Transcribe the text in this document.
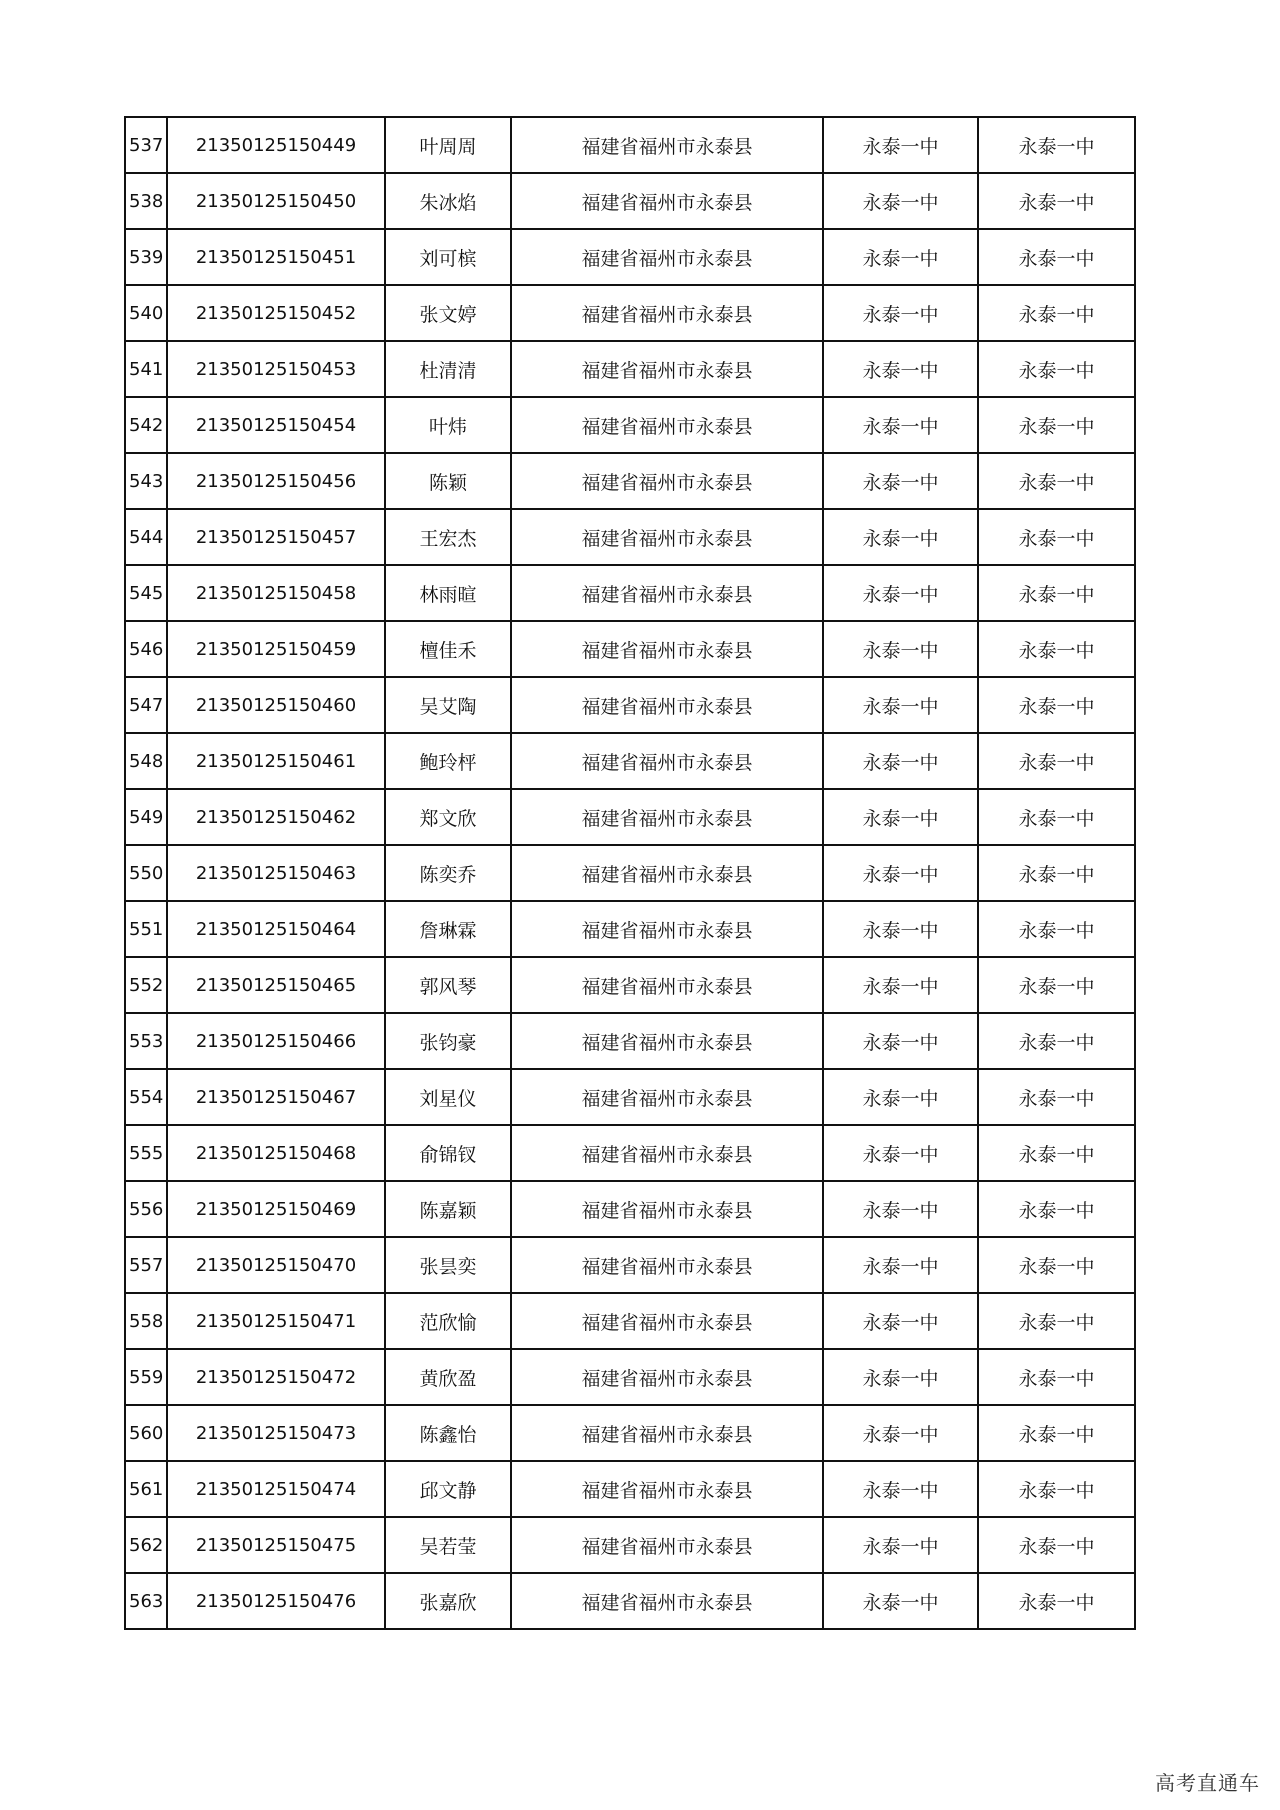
537	21350125150449	叶周周	福建省福州市永泰县	永泰一中	永泰一中
538	21350125150450	朱冰焰	福建省福州市永泰县	永泰一中	永泰一中
539	21350125150451	刘可槟	福建省福州市永泰县	永泰一中	永泰一中
540	21350125150452	张文婷	福建省福州市永泰县	永泰一中	永泰一中
541	21350125150453	杜清清	福建省福州市永泰县	永泰一中	永泰一中
542	21350125150454	叶炜	福建省福州市永泰县	永泰一中	永泰一中
543	21350125150456	陈颖	福建省福州市永泰县	永泰一中	永泰一中
544	21350125150457	王宏杰	福建省福州市永泰县	永泰一中	永泰一中
545	21350125150458	林雨暄	福建省福州市永泰县	永泰一中	永泰一中
546	21350125150459	檀佳禾	福建省福州市永泰县	永泰一中	永泰一中
547	21350125150460	吴艾陶	福建省福州市永泰县	永泰一中	永泰一中
548	21350125150461	鲍玲枰	福建省福州市永泰县	永泰一中	永泰一中
549	21350125150462	郑文欣	福建省福州市永泰县	永泰一中	永泰一中
550	21350125150463	陈奕乔	福建省福州市永泰县	永泰一中	永泰一中
551	21350125150464	詹琳霖	福建省福州市永泰县	永泰一中	永泰一中
552	21350125150465	郭风琴	福建省福州市永泰县	永泰一中	永泰一中
553	21350125150466	张钧豪	福建省福州市永泰县	永泰一中	永泰一中
554	21350125150467	刘星仪	福建省福州市永泰县	永泰一中	永泰一中
555	21350125150468	俞锦钗	福建省福州市永泰县	永泰一中	永泰一中
556	21350125150469	陈嘉颖	福建省福州市永泰县	永泰一中	永泰一中
557	21350125150470	张昙奕	福建省福州市永泰县	永泰一中	永泰一中
558	21350125150471	范欣愉	福建省福州市永泰县	永泰一中	永泰一中
559	21350125150472	黄欣盈	福建省福州市永泰县	永泰一中	永泰一中
560	21350125150473	陈鑫怡	福建省福州市永泰县	永泰一中	永泰一中
561	21350125150474	邱文静	福建省福州市永泰县	永泰一中	永泰一中
562	21350125150475	吴若莹	福建省福州市永泰县	永泰一中	永泰一中
563	21350125150476	张嘉欣	福建省福州市永泰县	永泰一中	永泰一中
高考直通车
